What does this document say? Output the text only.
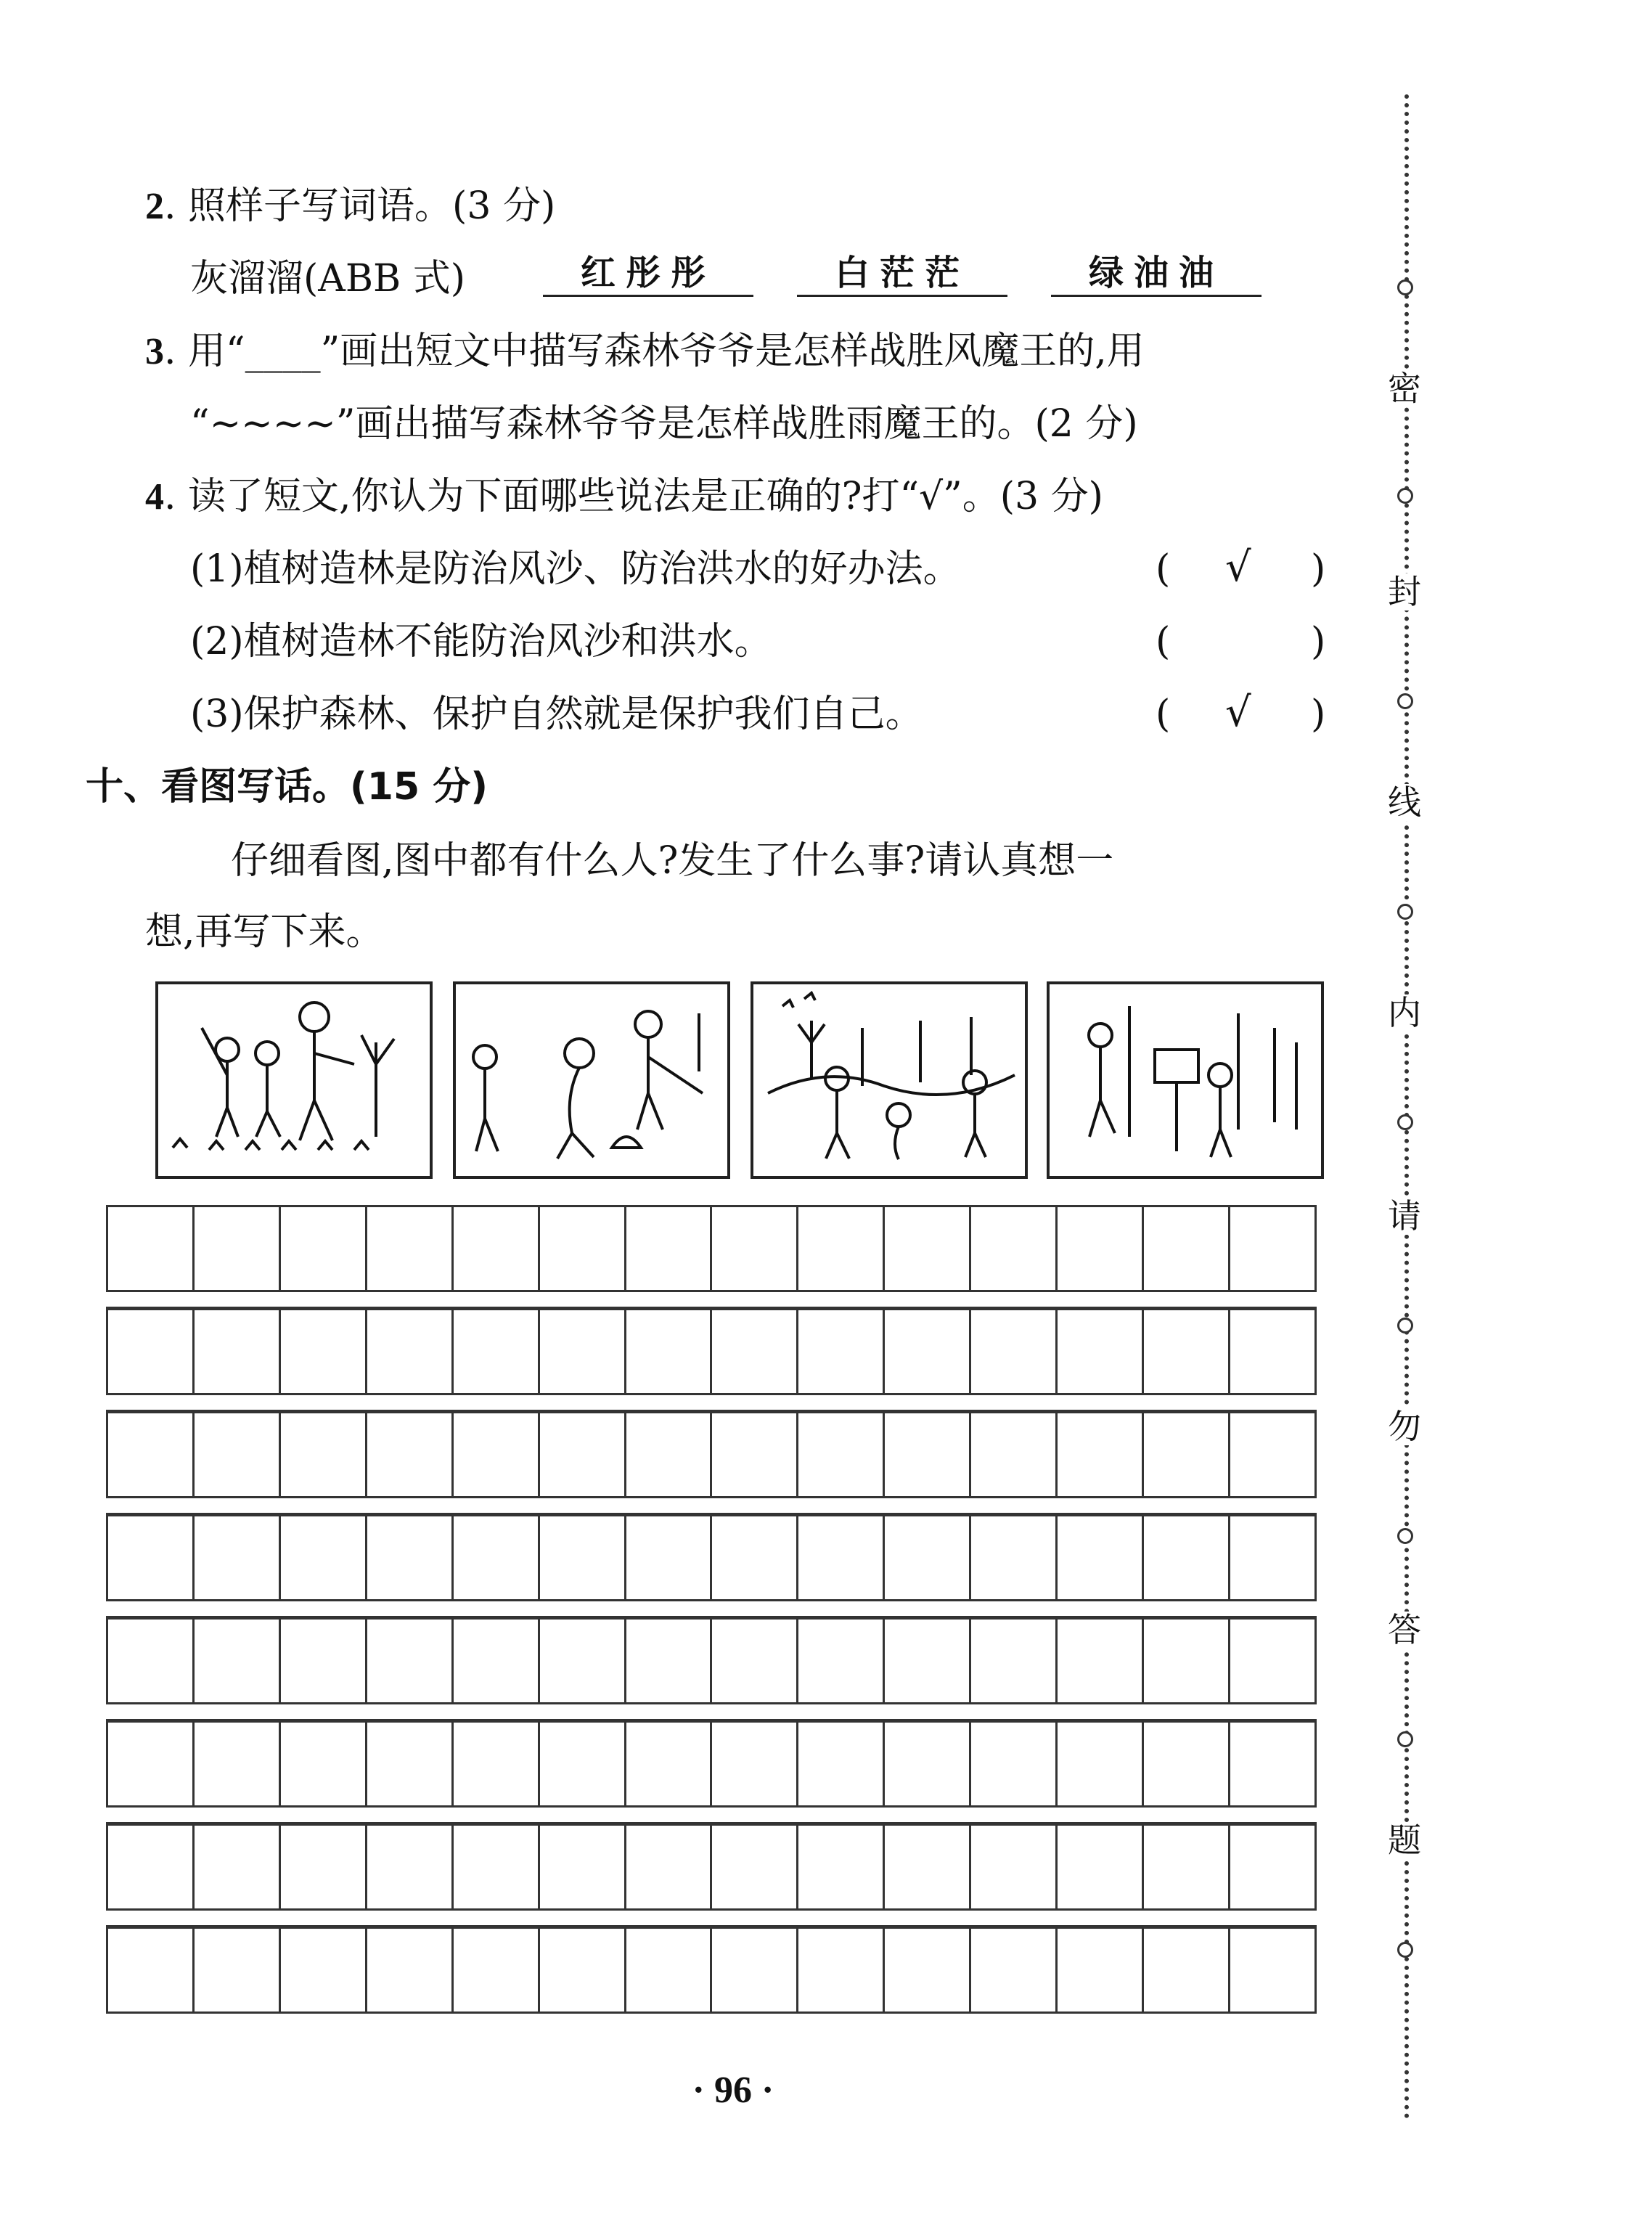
2. 照样子写词语。(3 分)
灰溜溜(ABB 式)	红彤彤	白茫茫	绿油油
3. 用“____”画出短文中描写森林爷爷是怎样战胜风魔王的,用
“~~~~”画出描写森林爷爷是怎样战胜雨魔王的。(2 分)
4. 读了短文,你认为下面哪些说法是正确的?打“√”。(3 分)
(1)植树造林是防治风沙、防治洪水的好办法。	( √ )
(2)植树造林不能防治风沙和洪水。	(	)
(3)保护森林、保护自然就是保护我们自己。	( √ )
十、看图写话。(15 分)
仔细看图,图中都有什么人?发生了什么事?请认真想一
想,再写下来。
密
封
线
内
请
勿
答
题
· 96 ·
